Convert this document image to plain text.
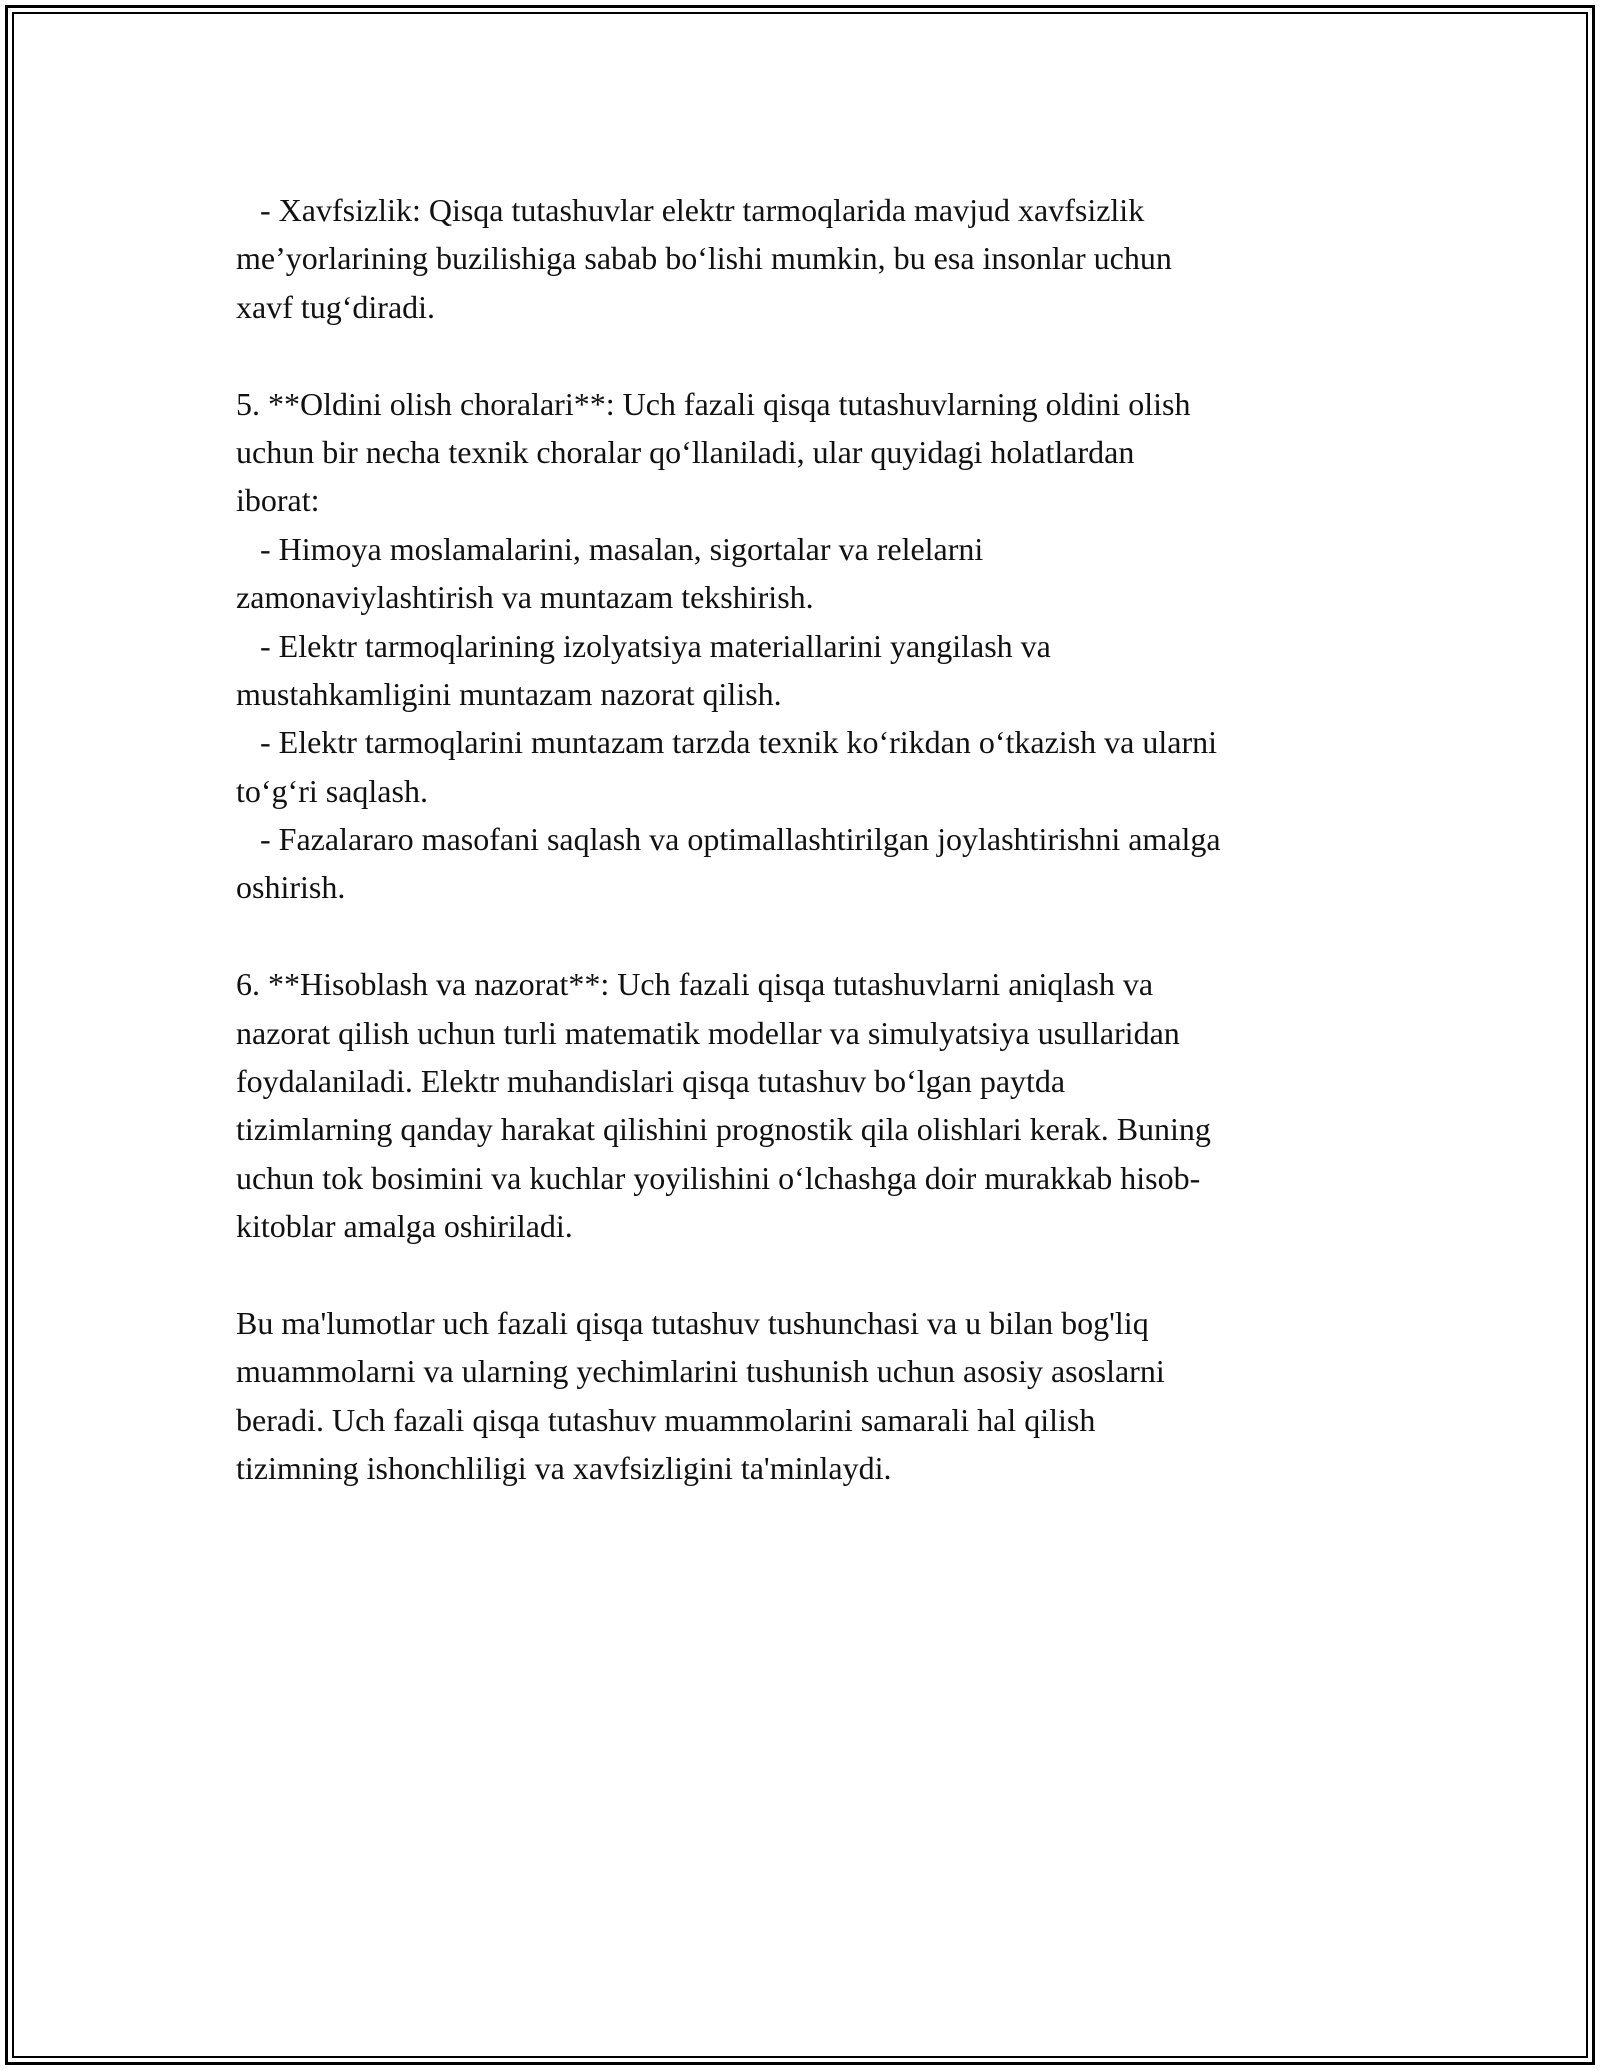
- Xavfsizlik: Qisqa tutashuvlar elektr tarmoqlarida mavjud xavfsizlik
me’yorlarining buzilishiga sabab bo‘lishi mumkin, bu esa insonlar uchun
xavf tug‘diradi.
5. **Oldini olish choralari**: Uch fazali qisqa tutashuvlarning oldini olish
uchun bir necha texnik choralar qo‘llaniladi, ular quyidagi holatlardan
iborat:
- Himoya moslamalarini, masalan, sigortalar va relelarni
zamonaviylashtirish va muntazam tekshirish.
- Elektr tarmoqlarining izolyatsiya materiallarini yangilash va
mustahkamligini muntazam nazorat qilish.
- Elektr tarmoqlarini muntazam tarzda texnik ko‘rikdan o‘tkazish va ularni
to‘g‘ri saqlash.
- Fazalararo masofani saqlash va optimallashtirilgan joylashtirishni amalga
oshirish.
6. **Hisoblash va nazorat**: Uch fazali qisqa tutashuvlarni aniqlash va
nazorat qilish uchun turli matematik modellar va simulyatsiya usullaridan
foydalaniladi. Elektr muhandislari qisqa tutashuv bo‘lgan paytda
tizimlarning qanday harakat qilishini prognostik qila olishlari kerak. Buning
uchun tok bosimini va kuchlar yoyilishini o‘lchashga doir murakkab hisob-
kitoblar amalga oshiriladi.
Bu ma'lumotlar uch fazali qisqa tutashuv tushunchasi va u bilan bog'liq
muammolarni va ularning yechimlarini tushunish uchun asosiy asoslarni
beradi. Uch fazali qisqa tutashuv muammolarini samarali hal qilish
tizimning ishonchliligi va xavfsizligini ta'minlaydi.
